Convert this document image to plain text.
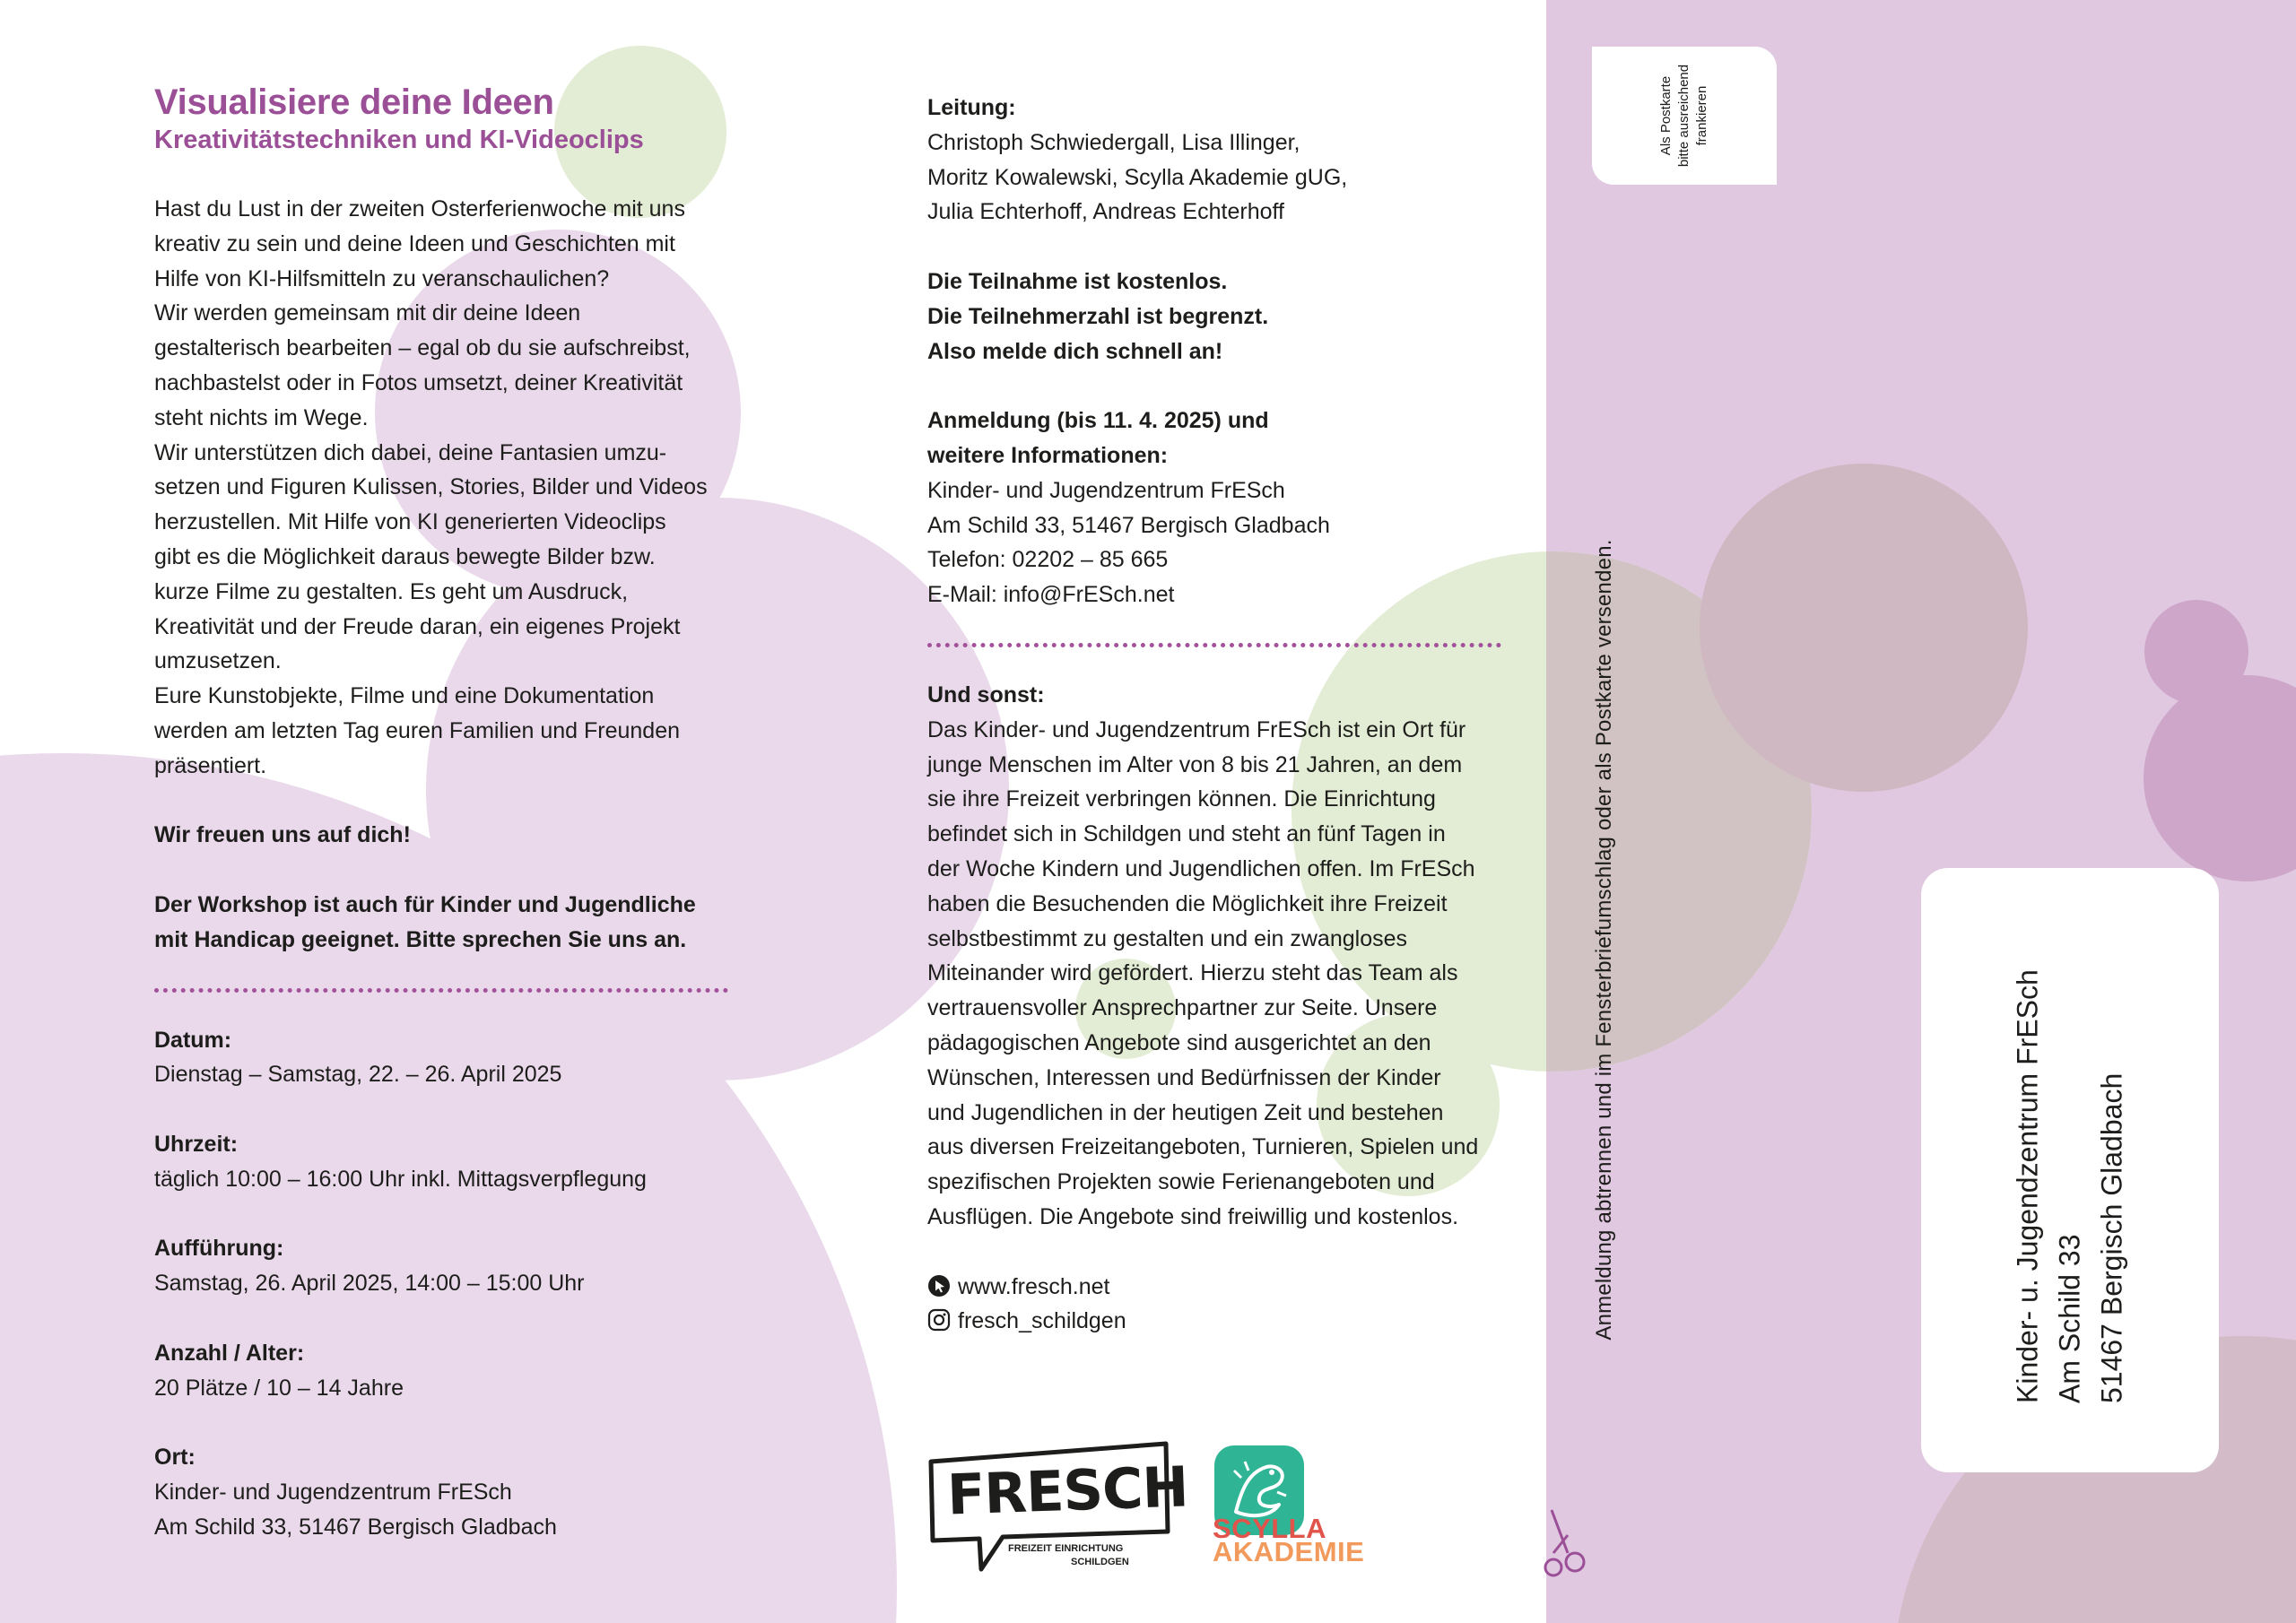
Visualisiere deine Ideen

Kreativitätstechniken und KI-Videoclips

Hast du Lust in der zweiten Osterferienwoche mit uns

kreativ zu sein und deine Ideen und Geschichten mit

Hilfe von KI-Hilfsmitteln zu veranschaulichen?

Wir werden gemeinsam mit dir deine Ideen

gestalterisch bearbeiten – egal ob du sie aufschreibst,

nachbastelst oder in Fotos umsetzt, deiner Kreativität

steht nichts im Wege.

Wir unterstützen dich dabei, deine Fantasien umzu-

setzen und Figuren Kulissen, Stories, Bilder und Videos

herzustellen. Mit Hilfe von KI generierten Videoclips

gibt es die Möglichkeit daraus bewegte Bilder bzw.

kurze Filme zu gestalten. Es geht um Ausdruck,

Kreativität und der Freude daran, ein eigenes Projekt

umzusetzen.

Eure Kunstobjekte, Filme und eine Dokumentation

werden am letzten Tag euren Familien und Freunden

präsentiert.

Wir freuen uns auf dich!

Der Workshop ist auch für Kinder und Jugendliche

mit Handicap geeignet. Bitte sprechen Sie uns an.

Datum:

Dienstag – Samstag, 22. – 26. April 2025

Uhrzeit:

täglich 10:00 – 16:00 Uhr inkl. Mittagsverpflegung

Aufführung:

Samstag, 26. April 2025, 14:00 – 15:00 Uhr

Anzahl / Alter:

20 Plätze / 10 – 14 Jahre

Ort:

Kinder- und Jugendzentrum FrESch

Am Schild 33, 51467 Bergisch Gladbach

Leitung:

Christoph Schwiedergall, Lisa Illinger,

Moritz Kowalewski, Scylla Akademie gUG,

Julia Echterhoff, Andreas Echterhoff

Die Teilnahme ist kostenlos.

Die Teilnehmerzahl ist begrenzt.

Also melde dich schnell an!

Anmeldung (bis 11. 4. 2025) und

weitere Informationen:

Kinder- und Jugendzentrum FrESch

Am Schild 33, 51467 Bergisch Gladbach

Telefon: 02202 – 85 665

E-Mail: info@FrESch.net

Und sonst:

Das Kinder- und Jugendzentrum FrESch ist ein Ort für

junge Menschen im Alter von 8 bis 21 Jahren, an dem

sie ihre Freizeit verbringen können. Die Einrichtung

befindet sich in Schildgen und steht an fünf Tagen in

der Woche Kindern und Jugendlichen offen. Im FrESch

haben die Besuchenden die Möglichkeit ihre Freizeit

selbstbestimmt zu gestalten und ein zwangloses

Miteinander wird gefördert. Hierzu steht das Team als

vertrauensvoller Ansprechpartner zur Seite. Unsere

pädagogischen Angebote sind ausgerichtet an den

Wünschen, Interessen und Bedürfnissen der Kinder

und Jugendlichen in der heutigen Zeit und bestehen

aus diversen Freizeitangeboten, Turnieren, Spielen und

spezifischen Projekten sowie Ferienangeboten und

Ausflügen. Die Angebote sind freiwillig und kostenlos.

www.fresch.net

fresch_schildgen

FRESCH
FREIZEIT EINRICHTUNG
SCHILDGEN
SCYLLA
AKADEMIE
Als Postkarte bitte ausreichend frankieren
Anmeldung abtrennen und im Fensterbriefumschlag oder als Postkarte versenden.	Kinder- u. Jugendzentrum FrESch Am Schild 33 51467 Bergisch Gladbach
